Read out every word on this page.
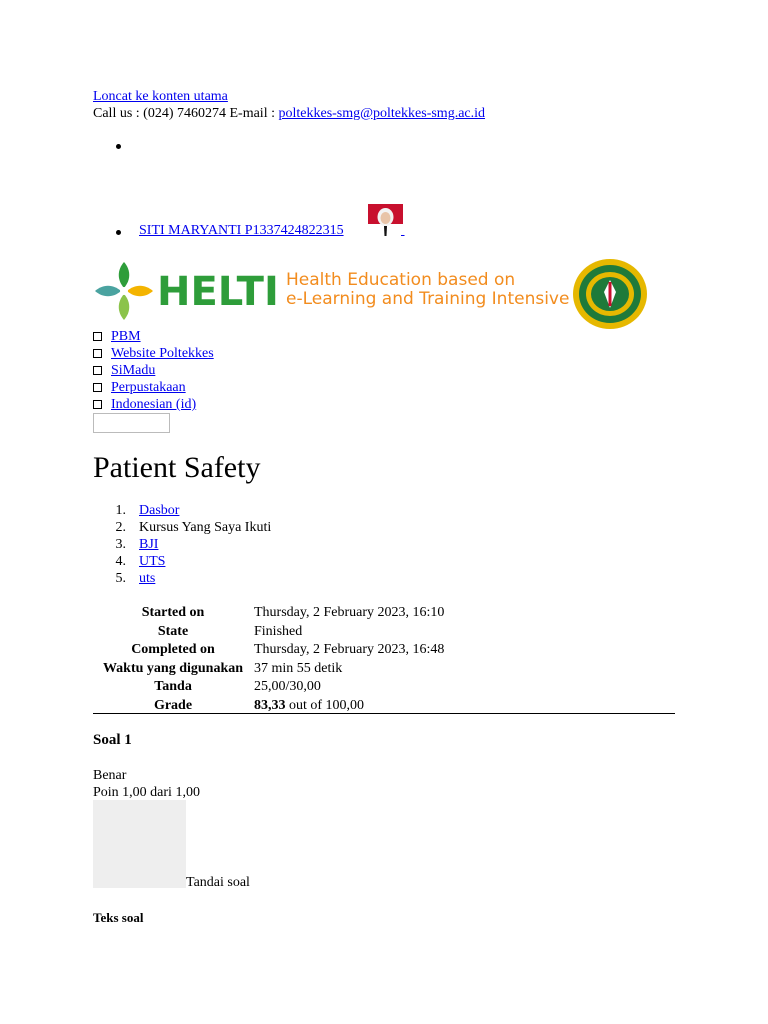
Loncat ke konten utama
Call us : (024) 7460274 E-mail : poltekkes-smg@poltekkes-smg.ac.id
SITI MARYANTI P1337424822315

HELTI Health Education based on
e-Learning and Training Intensive
PBM
Website Poltekkes
SiMadu
Perpustakaan
Indonesian ‎(id)‎
Patient Safety
1. Dasbor
2. Kursus Yang Saya Ikuti
3. BJI
4. UTS
5. uts
Started on	Thursday, 2 February 2023, 16:10
State	Finished
Completed on	Thursday, 2 February 2023, 16:48
Waktu yang digunakan 37 min 55 detik
Tanda	25,00/30,00
Grade	83,33 out of 100,00
Soal 1
Benar
Poin 1,00 dari 1,00
Tandai soal
Teks soal
